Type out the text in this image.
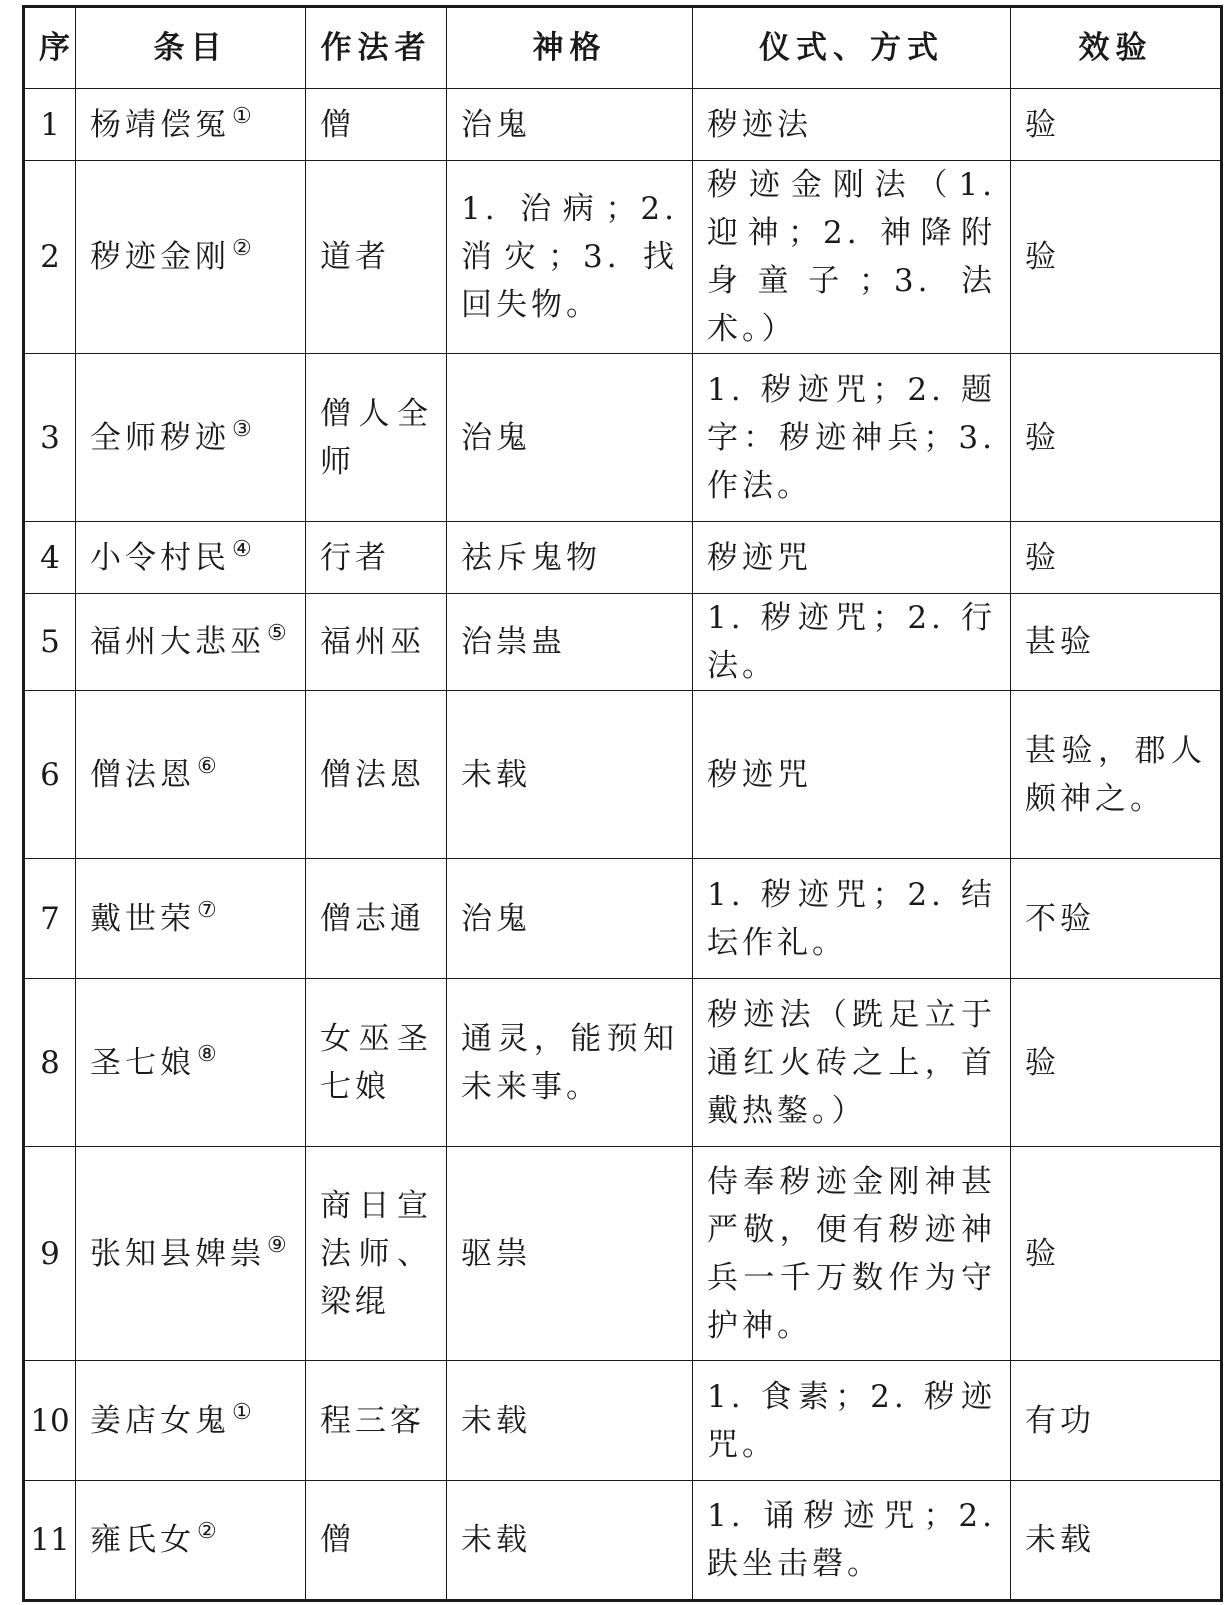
序	条目	作法者	神格	仪式、方式	效验
1	杨靖偿冤①	僧	治鬼	秽迹法	验
2	秽迹金刚②	道者	1. 治病；2. 消灾；3. 找回失物。	秽迹金刚法（1. 迎神；2. 神降附身童子；3. 法术。）	验
3	全师秽迹③	僧人全师	治鬼	1. 秽迹咒；2. 题字：秽迹神兵；3. 作法。	验
4	小令村民④	行者	祛斥鬼物	秽迹咒	验
5	福州大悲巫⑤	福州巫	治祟蛊	1. 秽迹咒；2. 行法。	甚验
6	僧法恩⑥	僧法恩	未载	秽迹咒	甚验，郡人颇神之。
7	戴世荣⑦	僧志通	治鬼	1. 秽迹咒；2. 结坛作礼。	不验
8	圣七娘⑧	女巫圣七娘	通灵，能预知未来事。	秽迹法（跣足立于通红火砖之上，首戴热鏊。）	验
9	张知县婢祟⑨	商日宣法师、梁绲	驱祟	侍奉秽迹金刚神甚严敬，便有秽迹神兵一千万数作为守护神。	验
10	姜店女鬼①	程三客	未载	1. 食素；2. 秽迹咒。	有功
11	雍氏女②	僧	未载	1. 诵秽迹咒；2. 趺坐击磬。	未载
